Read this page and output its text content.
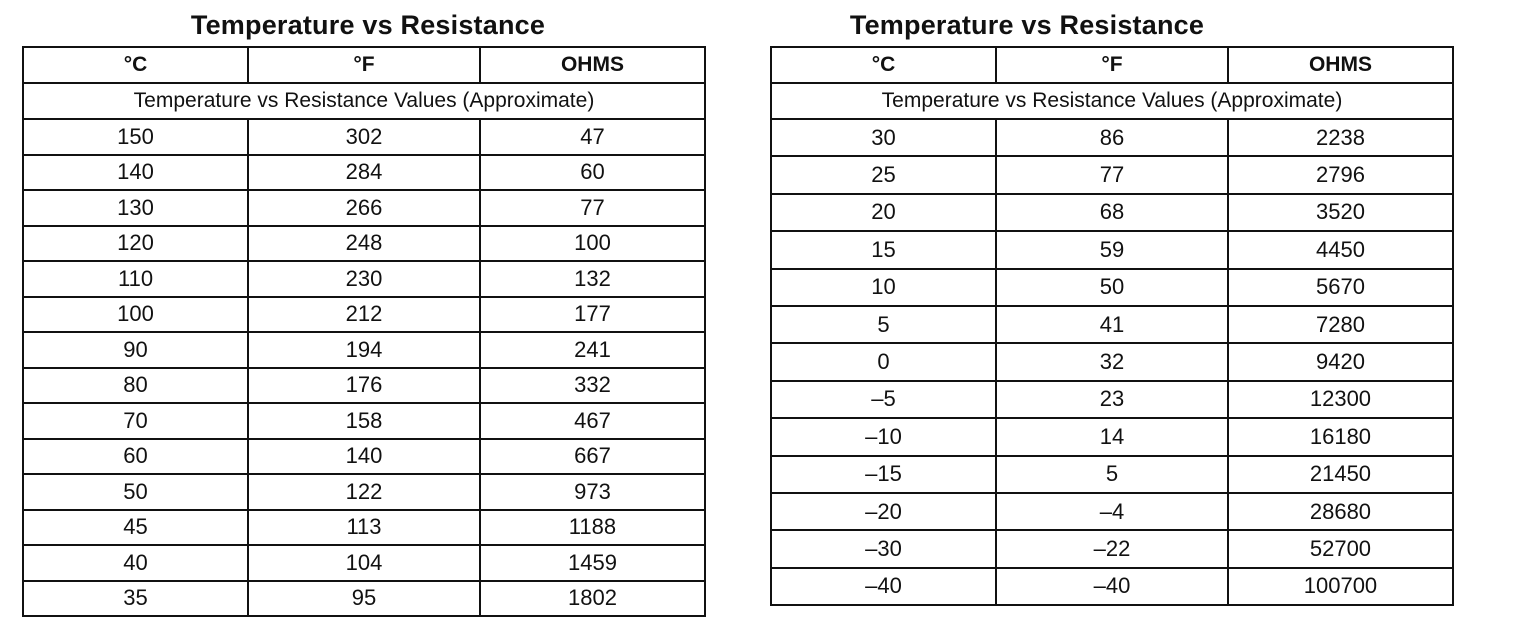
Temperature vs Resistance
°C	°F	OHMS
Temperature vs Resistance Values (Approximate)		
150	302	47
140	284	60
130	266	77
120	248	100
110	230	132
100	212	177
90	194	241
80	176	332
70	158	467
60	140	667
50	122	973
45	113	1188
40	104	1459
35	95	1802
Temperature vs Resistance
°C	°F	OHMS
Temperature vs Resistance Values (Approximate)		
30	86	2238
25	77	2796
20	68	3520
15	59	4450
10	50	5670
5	41	7280
0	32	9420
–5	23	12300
–10	14	16180
–15	5	21450
–20	–4	28680
–30	–22	52700
–40	–40	100700
